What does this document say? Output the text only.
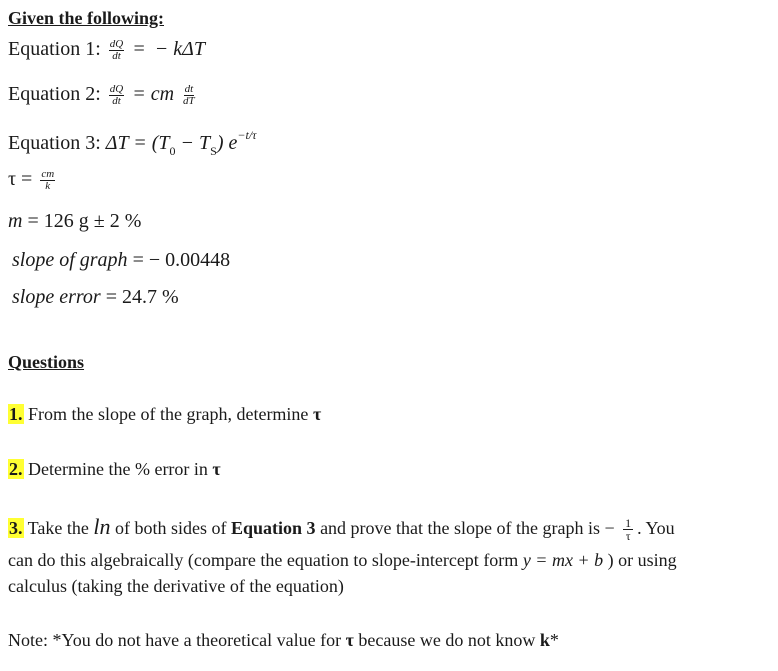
Given the following:
Equation 1: $\frac{dQ}{dt}$ =  − kΔT
Equation 2: $\frac{dQ}{dt}$ = cm $\frac{dt}{dT}$
Equation 3: $\Delta T = (T_0 - T_S)$ $e^{-t/\tau}$
$\tau = \frac{cm}{k}$
m = 126 g ± 2 %
slope of graph = − 0.00448
slope error = 24.7 %
Questions
1. From the slope of the graph, determine τ
2. Determine the % error in τ
3. Take the ln of both sides of Equation 3 and prove that the slope of the graph is − $\frac{1}{\tau}$ . You
can do this algebraically (compare the equation to slope-intercept form y = mx + b ) or using
calculus (taking the derivative of the equation)
Note: *You do not have a theoretical value for τ because we do not know k*
